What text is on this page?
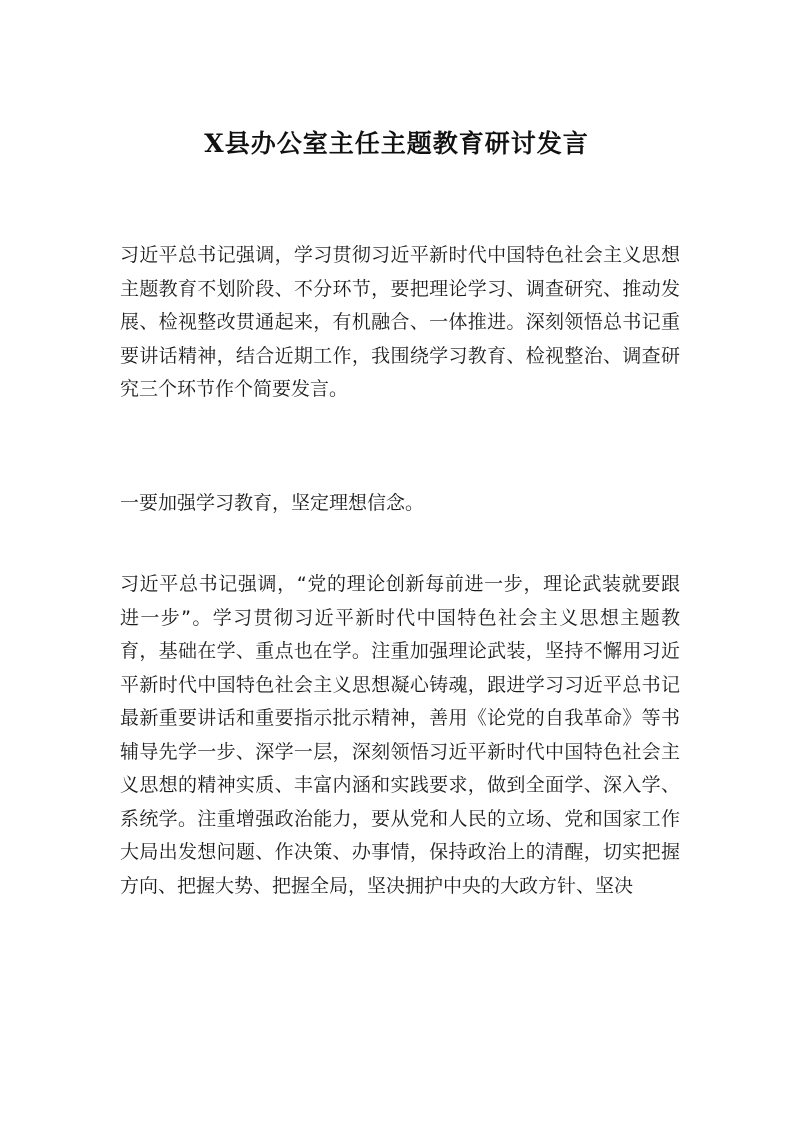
X县办公室主任主题教育研讨发言

习近平总书记强调，学习贯彻习近平新时代中国特色社会主义思想主题教育不划阶段、不分环节，要把理论学习、调查研究、推动发展、检视整改贯通起来，有机融合、一体推进。深刻领悟总书记重要讲话精神，结合近期工作，我围绕学习教育、检视整治、调查研究三个环节作个简要发言。

一要加强学习教育，坚定理想信念。

习近平总书记强调，“党的理论创新每前进一步，理论武装就要跟进一步”。学习贯彻习近平新时代中国特色社会主义思想主题教育，基础在学、重点也在学。注重加强理论武装，坚持不懈用习近平新时代中国特色社会主义思想凝心铸魂，跟进学习习近平总书记最新重要讲话和重要指示批示精神，善用《论党的自我革命》等书辅导先学一步、深学一层，深刻领悟习近平新时代中国特色社会主义思想的精神实质、丰富内涵和实践要求，做到全面学、深入学、系统学。注重增强政治能力，要从党和人民的立场、党和国家工作大局出发想问题、作决策、办事情，保持政治上的清醒，切实把握方向、把握大势、把握全局，坚决拥护中央的大政方针、坚决
